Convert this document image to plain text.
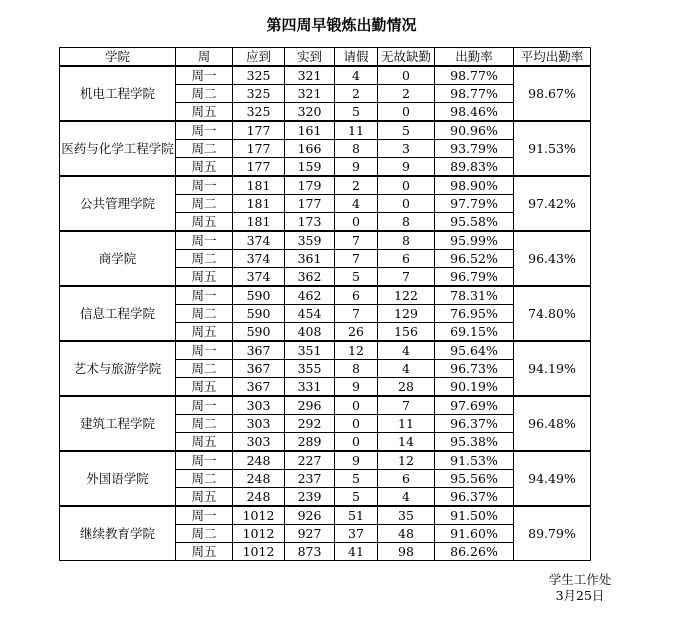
第四周早锻炼出勤情况
学院	周	应到	实到	请假	无故缺勤	出勤率	平均出勤率
机电工程学院	周一	325	321	4	0	98.77%	98.67%
	周二	325	321	2	2	98.77%	
	周五	325	320	5	0	98.46%	
医药与化学工程学院	周一	177	161	11	5	90.96%	91.53%
	周二	177	166	8	3	93.79%	
	周五	177	159	9	9	89.83%	
公共管理学院	周一	181	179	2	0	98.90%	97.42%
	周二	181	177	4	0	97.79%	
	周五	181	173	0	8	95.58%	
商学院	周一	374	359	7	8	95.99%	96.43%
	周二	374	361	7	6	96.52%	
	周五	374	362	5	7	96.79%	
信息工程学院	周一	590	462	6	122	78.31%	74.80%
	周二	590	454	7	129	76.95%	
	周五	590	408	26	156	69.15%	
艺术与旅游学院	周一	367	351	12	4	95.64%	94.19%
	周二	367	355	8	4	96.73%	
	周五	367	331	9	28	90.19%	
建筑工程学院	周一	303	296	0	7	97.69%	96.48%
	周二	303	292	0	11	96.37%	
	周五	303	289	0	14	95.38%	
外国语学院	周一	248	227	9	12	91.53%	94.49%
	周二	248	237	5	6	95.56%	
	周五	248	239	5	4	96.37%	
继续教育学院	周一	1012	926	51	35	91.50%	89.79%
	周二	1012	927	37	48	91.60%	
	周五	1012	873	41	98	86.26%	
学生工作处
3月25日
